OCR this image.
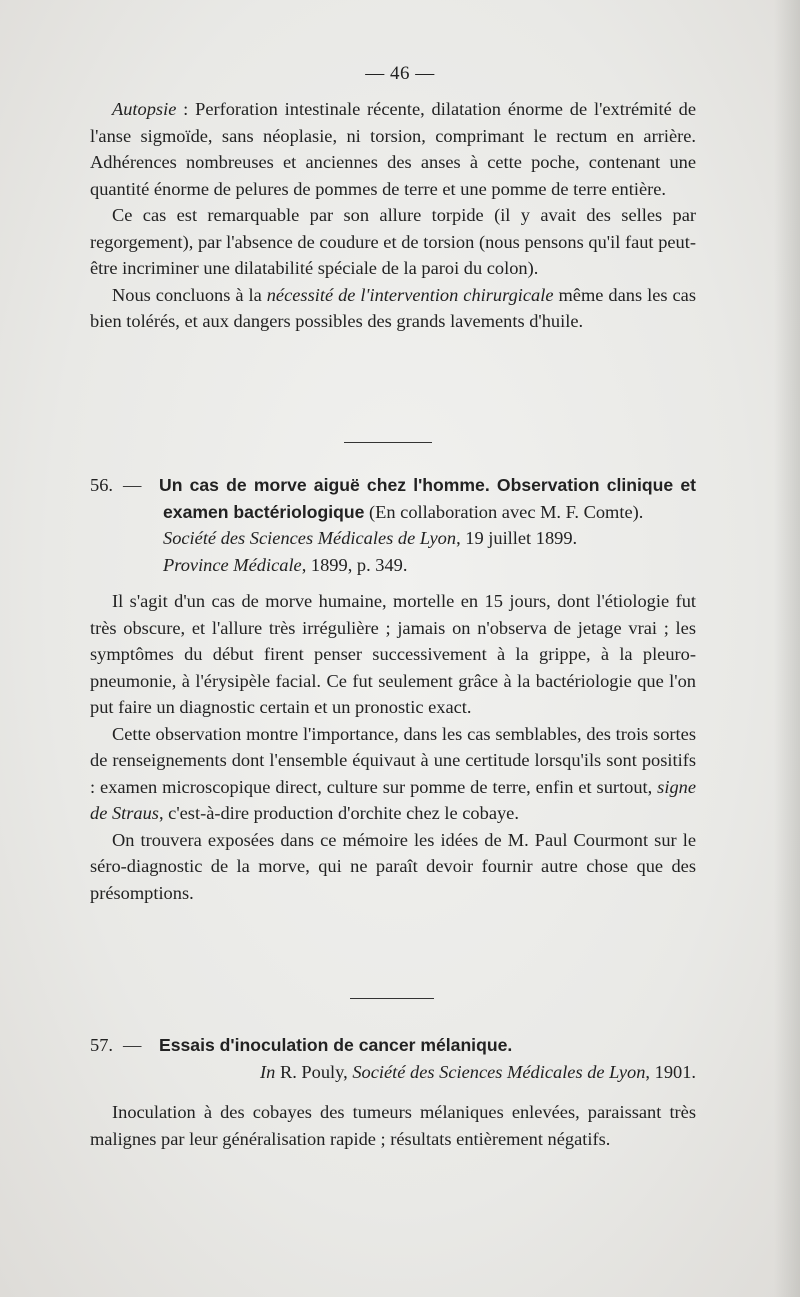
— 46 —

Autopsie : Perforation intestinale récente, dilatation énorme de l'extrémité de l'anse sigmoïde, sans néoplasie, ni torsion, comprimant le rectum en arrière. Adhérences nombreuses et anciennes des anses à cette poche, contenant une quantité énorme de pelures de pommes de terre et une pomme de terre entière.

Ce cas est remarquable par son allure torpide (il y avait des selles par regorgement), par l'absence de coudure et de torsion (nous pensons qu'il faut peut-être incriminer une dilatabilité spéciale de la paroi du colon).

Nous concluons à la nécessité de l'intervention chirurgicale même dans les cas bien tolérés, et aux dangers possibles des grands lavements d'huile.

56. — Un cas de morve aiguë chez l'homme. Observation clinique et examen bactériologique (En collaboration avec M. F. Comte).
Société des Sciences Médicales de Lyon, 19 juillet 1899.
Province Médicale, 1899, p. 349.

Il s'agit d'un cas de morve humaine, mortelle en 15 jours, dont l'étiologie fut très obscure, et l'allure très irrégulière ; jamais on n'observa de jetage vrai ; les symptômes du début firent penser successivement à la grippe, à la pleuro-pneumonie, à l'érysipèle facial. Ce fut seulement grâce à la bactériologie que l'on put faire un diagnostic certain et un pronostic exact.

Cette observation montre l'importance, dans les cas semblables, des trois sortes de renseignements dont l'ensemble équivaut à une certitude lorsqu'ils sont positifs : examen microscopique direct, culture sur pomme de terre, enfin et surtout, signe de Straus, c'est-à-dire production d'orchite chez le cobaye.

On trouvera exposées dans ce mémoire les idées de M. Paul Courmont sur le séro-diagnostic de la morve, qui ne paraît devoir fournir autre chose que des présomptions.

57. — Essais d'inoculation de cancer mélanique.
In R. Pouly, Société des Sciences Médicales de Lyon, 1901.

Inoculation à des cobayes des tumeurs mélaniques enlevées, paraissant très malignes par leur généralisation rapide ; résultats entièrement négatifs.
